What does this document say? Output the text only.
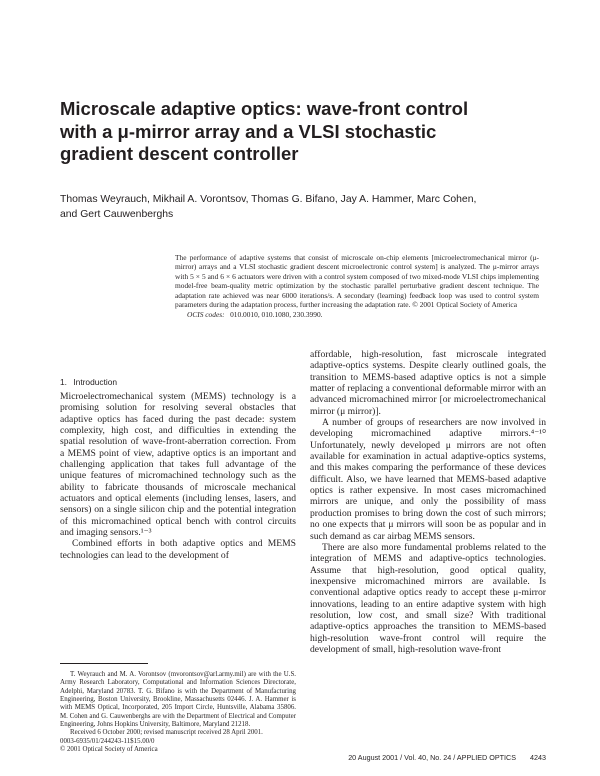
Microscale adaptive optics: wave-front control
with a μ-mirror array and a VLSI stochastic
gradient descent controller
Thomas Weyrauch, Mikhail A. Vorontsov, Thomas G. Bifano, Jay A. Hammer, Marc Cohen,
and Gert Cauwenberghs
The performance of adaptive systems that consist of microscale on-chip elements [microelectromechanical mirror (μ-mirror) arrays and a VLSI stochastic gradient descent microelectronic control system] is analyzed. The μ-mirror arrays with 5 × 5 and 6 × 6 actuators were driven with a control system composed of two mixed-mode VLSI chips implementing model-free beam-quality metric optimization by the stochastic parallel perturbative gradient descent technique. The adaptation rate achieved was near 6000 iterations/s. A secondary (learning) feedback loop was used to control system parameters during the adaptation process, further increasing the adaptation rate. © 2001 Optical Society of America
OCIS codes: 010.0010, 010.1080, 230.3990.
1. Introduction

Microelectromechanical system (MEMS) technology is a promising solution for resolving several obstacles that adaptive optics has faced during the past decade: system complexity, high cost, and difficulties in extending the spatial resolution of wave-front-aberration correction. From a MEMS point of view, adaptive optics is an important and challenging application that takes full advantage of the unique features of micromachined technology such as the ability to fabricate thousands of microscale mechanical actuators and optical elements (including lenses, lasers, and sensors) on a single silicon chip and the potential integration of this micromachined optical bench with control circuits and imaging sensors.¹⁻³

Combined efforts in both adaptive optics and MEMS technologies can lead to the development of

T. Weyrauch and M. A. Vorontsov (mvorontsov@arl.army.mil) are with the U.S. Army Research Laboratory, Computational and Information Sciences Directorate, Adelphi, Maryland 20783. T. G. Bifano is with the Department of Manufacturing Engineering, Boston University, Brookline, Massachusetts 02446. J. A. Hammer is with MEMS Optical, Incorporated, 205 Import Circle, Huntsville, Alabama 35806. M. Cohen and G. Cauwenberghs are with the Department of Electrical and Computer Engineering, Johns Hopkins University, Baltimore, Maryland 21218.

Received 6 October 2000; revised manuscript received 28 April 2001.

0003-6935/01/244243-11$15.00/0

© 2001 Optical Society of America

affordable, high-resolution, fast microscale integrated adaptive-optics systems. Despite clearly outlined goals, the transition to MEMS-based adaptive optics is not a simple matter of replacing a conventional deformable mirror with an advanced micromachined mirror [or microelectromechanical mirror (μ mirror)].

A number of groups of researchers are now involved in developing micromachined adaptive mirrors.⁴⁻¹⁰ Unfortunately, newly developed μ mirrors are not often available for examination in actual adaptive-optics systems, and this makes comparing the performance of these devices difficult. Also, we have learned that MEMS-based adaptive optics is rather expensive. In most cases micromachined mirrors are unique, and only the possibility of mass production promises to bring down the cost of such mirrors; no one expects that μ mirrors will soon be as popular and in such demand as car airbag MEMS sensors.

There are also more fundamental problems related to the integration of MEMS and adaptive-optics technologies. Assume that high-resolution, good optical quality, inexpensive micromachined mirrors are available. Is conventional adaptive optics ready to accept these μ-mirror innovations, leading to an entire adaptive system with high resolution, low cost, and small size? With traditional adaptive-optics approaches the transition to MEMS-based high-resolution wave-front control will require the development of small, high-resolution wave-front

20 August 2001 / Vol. 40, No. 24 / APPLIED OPTICS 4243
